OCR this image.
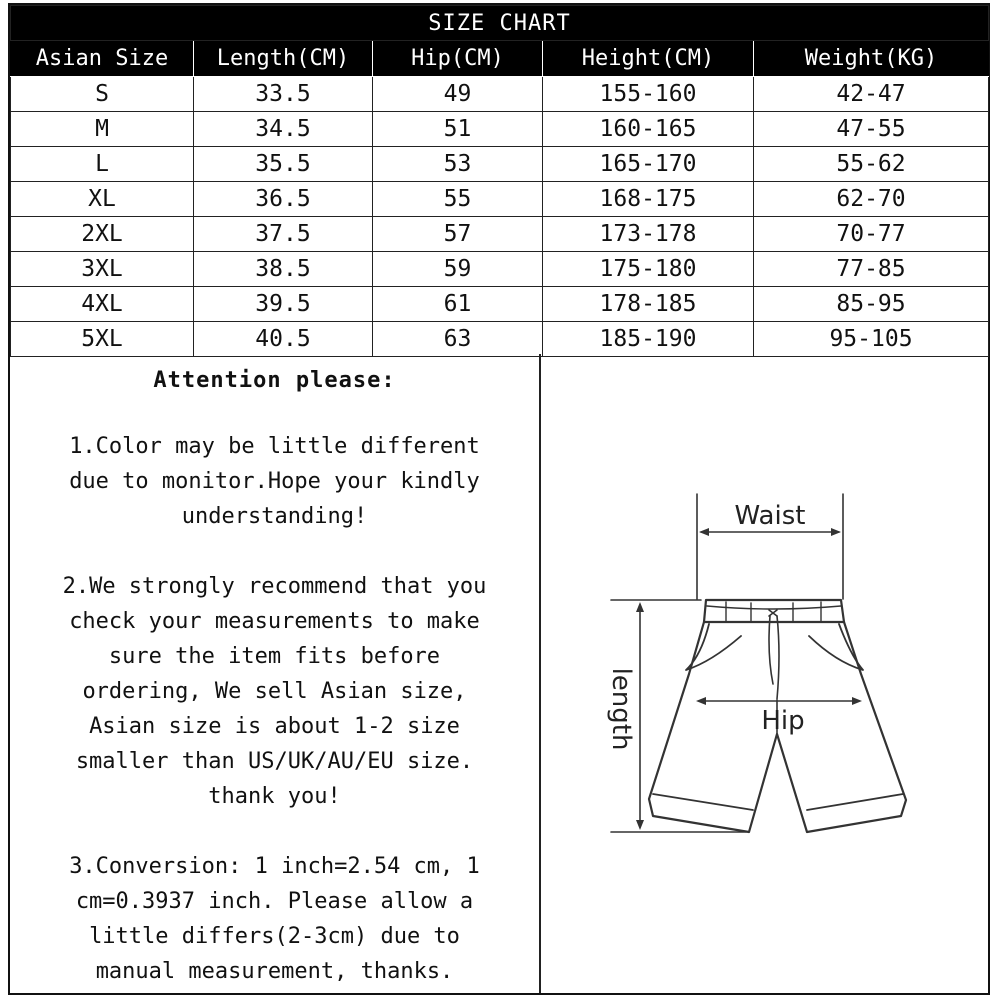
SIZE CHART				
Asian Size	Length(CM)	Hip(CM)	Height(CM)	Weight(KG)
S	33.5	49	155-160	42-47
M	34.5	51	160-165	47-55
L	35.5	53	165-170	55-62
XL	36.5	55	168-175	62-70
2XL	37.5	57	173-178	70-77
3XL	38.5	59	175-180	77-85
4XL	39.5	61	178-185	85-95
5XL	40.5	63	185-190	95-105
Attention please:

1.Color may be little different
due to monitor.Hope your kindly
understanding!

2.We strongly recommend that you
check your measurements to make
sure the item fits before
ordering, We sell Asian size,
Asian size is about 1-2 size
smaller than US/UK/AU/EU size.
thank you!

3.Conversion: 1 inch=2.54 cm, 1
cm=0.3937 inch. Please allow a
little differs(2-3cm) due to
manual measurement, thanks.

Waist
length	Hip
